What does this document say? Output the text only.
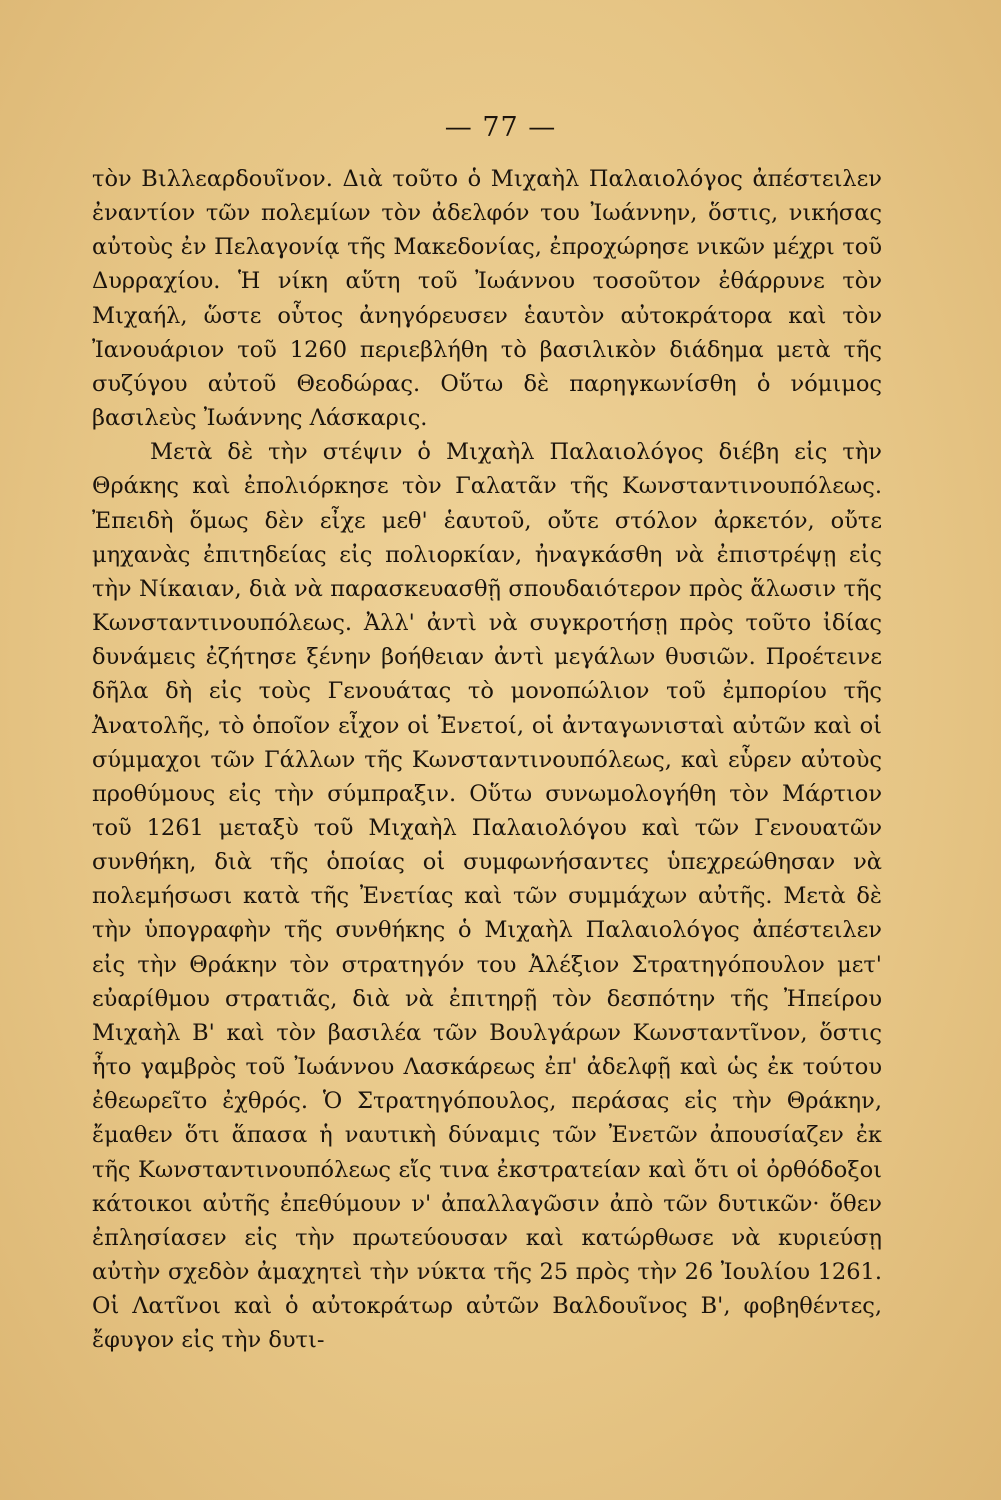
— 77 —

τὸν Βιλλεαρδουῖνον. Διὰ τοῦτο ὁ Μιχαὴλ Παλαιολόγος ἀπέστειλεν ἐναντίον τῶν πολεμίων τὸν ἀδελφόν του Ἰωάννην, ὅστις, νικήσας αὐτοὺς ἐν Πελαγονίᾳ τῆς Μακεδονίας, ἐπροχώρησε νικῶν μέχρι τοῦ Δυρραχίου. Ἡ νίκη αὕτη τοῦ Ἰωάννου τοσοῦτον ἐθάρρυνε τὸν Μιχαήλ, ὥστε οὗτος ἀνηγόρευσεν ἑαυτὸν αὐτοκράτορα καὶ τὸν Ἰανουάριον τοῦ 1260 περιεβλήθη τὸ βασιλικὸν διάδημα μετὰ τῆς συζύγου αὐτοῦ Θεοδώρας. Οὕτω δὲ παρηγκωνίσθη ὁ νόμιμος βασιλεὺς Ἰωάννης Λάσκαρις.

Μετὰ δὲ τὴν στέψιν ὁ Μιχαὴλ Παλαιολόγος διέβη εἰς τὴν Θράκης καὶ ἐπολιόρκησε τὸν Γαλατᾶν τῆς Κωνσταντινουπόλεως. Ἐπειδὴ ὅμως δὲν εἶχε μεθ' ἑαυτοῦ, οὔτε στόλον ἀρκετόν, οὔτε μηχανὰς ἐπιτηδείας εἰς πολιορκίαν, ἠναγκάσθη νὰ ἐπιστρέψῃ εἰς τὴν Νίκαιαν, διὰ νὰ παρασκευασθῇ σπουδαιότερον πρὸς ἅλωσιν τῆς Κωνσταντινουπόλεως. Ἀλλ' ἀντὶ νὰ συγκροτήσῃ πρὸς τοῦτο ἰδίας δυνάμεις ἐζήτησε ξένην βοήθειαν ἀντὶ μεγάλων θυσιῶν. Προέτεινε δῆλα δὴ εἰς τοὺς Γενουάτας τὸ μονοπώλιον τοῦ ἐμπορίου τῆς Ἀνατολῆς, τὸ ὁποῖον εἶχον οἱ Ἐνετοί, οἱ ἀνταγωνισταὶ αὐτῶν καὶ οἱ σύμμαχοι τῶν Γάλλων τῆς Κωνσταντινουπόλεως, καὶ εὗρεν αὐτοὺς προθύμους εἰς τὴν σύμπραξιν. Οὕτω συνωμολογήθη τὸν Μάρτιον τοῦ 1261 μεταξὺ τοῦ Μιχαὴλ Παλαιολόγου καὶ τῶν Γενουατῶν συνθήκη, διὰ τῆς ὁποίας οἱ συμφωνήσαντες ὑπεχρεώθησαν νὰ πολεμήσωσι κατὰ τῆς Ἐνετίας καὶ τῶν συμμάχων αὐτῆς. Μετὰ δὲ τὴν ὑπογραφὴν τῆς συνθήκης ὁ Μιχαὴλ Παλαιολόγος ἀπέστειλεν εἰς τὴν Θράκην τὸν στρατηγόν του Ἀλέξιον Στρατηγόπουλον μετ' εὐαρίθμου στρατιᾶς, διὰ νὰ ἐπιτηρῇ τὸν δεσπότην τῆς Ἠπείρου Μιχαὴλ Β' καὶ τὸν βασιλέα τῶν Βουλγάρων Κωνσταντῖνον, ὅστις ἦτο γαμβρὸς τοῦ Ἰωάννου Λασκάρεως ἐπ' ἀδελφῇ καὶ ὡς ἐκ τούτου ἐθεωρεῖτο ἐχθρός. Ὁ Στρατηγόπουλος, περάσας εἰς τὴν Θράκην, ἔμαθεν ὅτι ἅπασα ἡ ναυτικὴ δύναμις τῶν Ἐνετῶν ἀπουσίαζεν ἐκ τῆς Κωνσταντινουπόλεως εἴς τινα ἐκστρατείαν καὶ ὅτι οἱ ὀρθόδοξοι κάτοικοι αὐτῆς ἐπεθύμουν ν' ἀπαλλαγῶσιν ἀπὸ τῶν δυτικῶν· ὅθεν ἐπλησίασεν εἰς τὴν πρωτεύουσαν καὶ κατώρθωσε νὰ κυριεύσῃ αὐτὴν σχεδὸν ἀμαχητεὶ τὴν νύκτα τῆς 25 πρὸς τὴν 26 Ἰουλίου 1261. Οἱ Λατῖνοι καὶ ὁ αὐτοκράτωρ αὐτῶν Βαλδουῖνος Β', φοβηθέντες, ἔφυγον εἰς τὴν δυτι-
